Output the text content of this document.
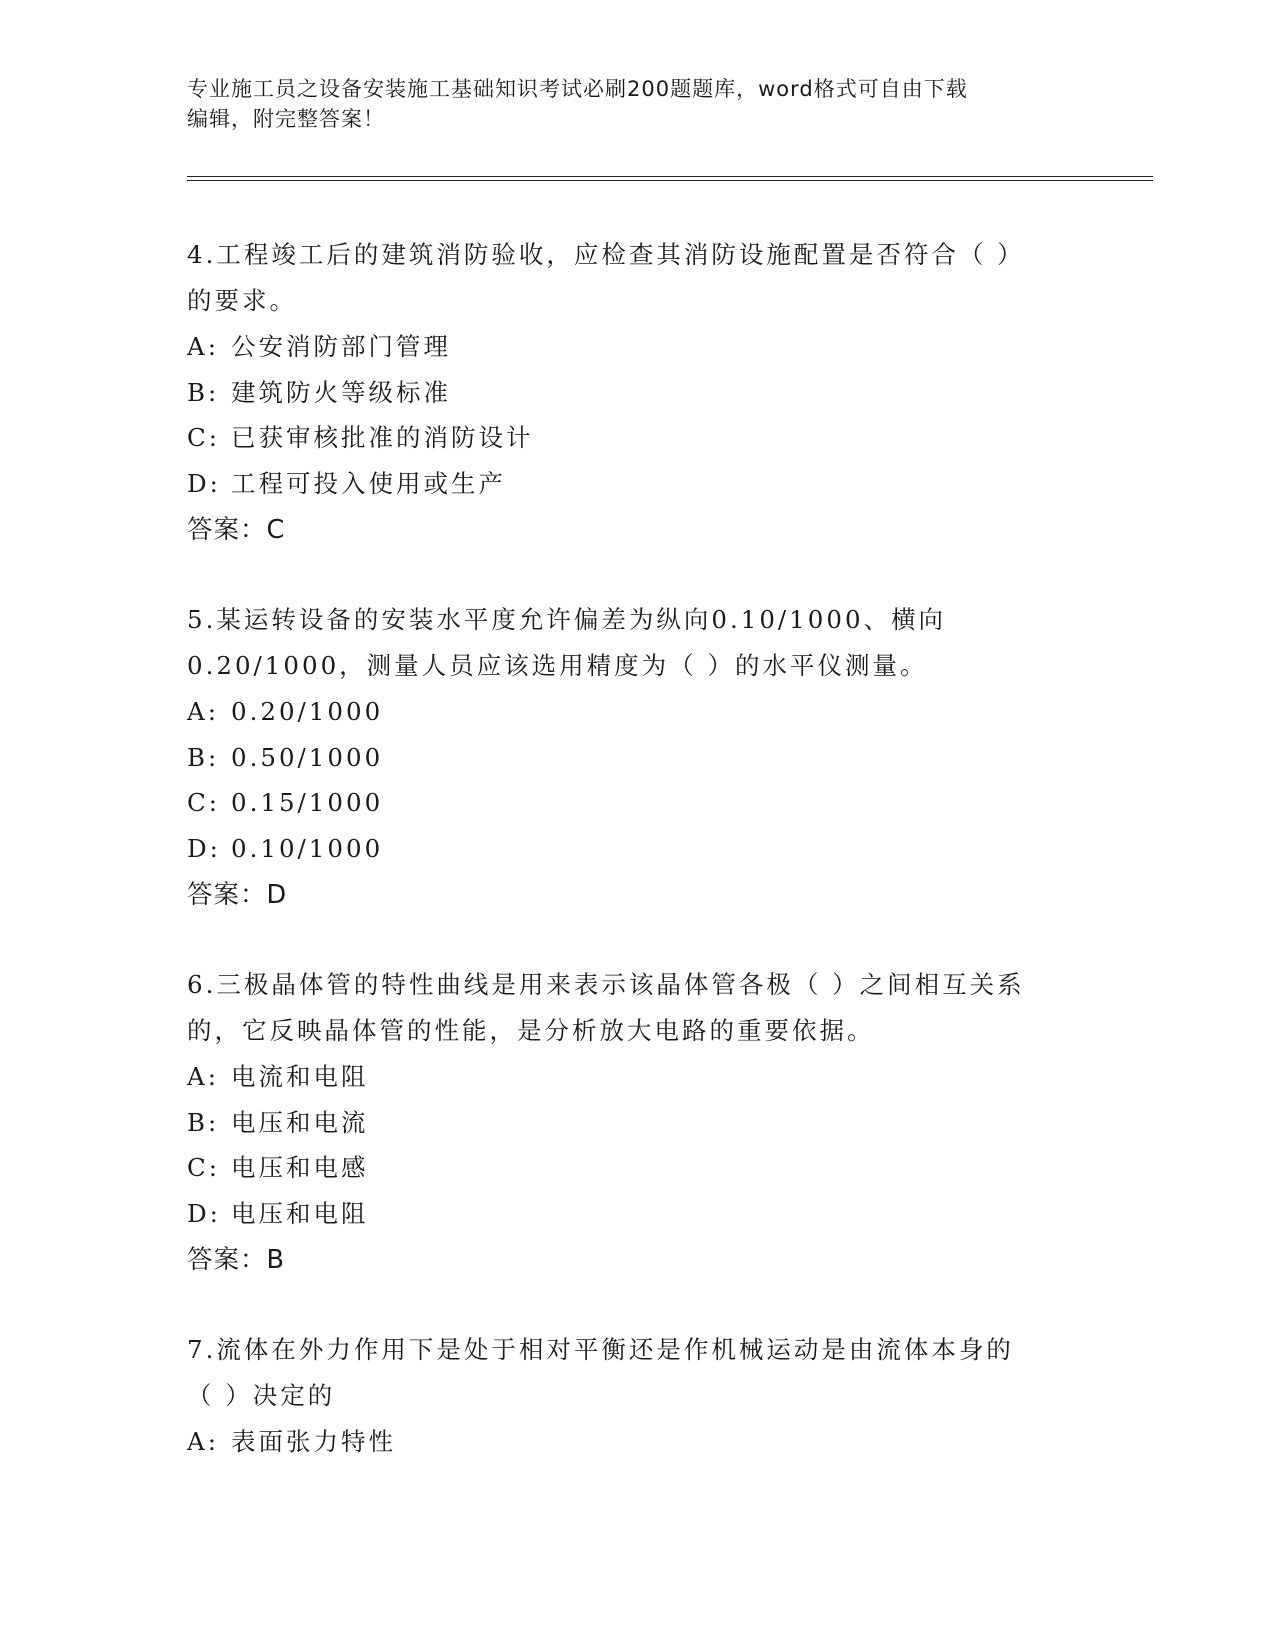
专业施工员之设备安装施工基础知识考试必刷200题题库，word格式可自由下载
编辑，附完整答案！

4.工程竣工后的建筑消防验收，应检查其消防设施配置是否符合（ ）

的要求。

A: 公安消防部门管理

B: 建筑防火等级标准

C: 已获审核批准的消防设计

D: 工程可投入使用或生产

答案：C

5.某运转设备的安装水平度允许偏差为纵向0.10/1000、横向

0.20/1000，测量人员应该选用精度为（ ）的水平仪测量。

A: 0.20/1000

B: 0.50/1000

C: 0.15/1000

D: 0.10/1000

答案：D

6.三极晶体管的特性曲线是用来表示该晶体管各极（ ）之间相互关系

的，它反映晶体管的性能，是分析放大电路的重要依据。

A: 电流和电阻

B: 电压和电流

C: 电压和电感

D: 电压和电阻

答案：B

7.流体在外力作用下是处于相对平衡还是作机械运动是由流体本身的

（ ）决定的

A: 表面张力特性
